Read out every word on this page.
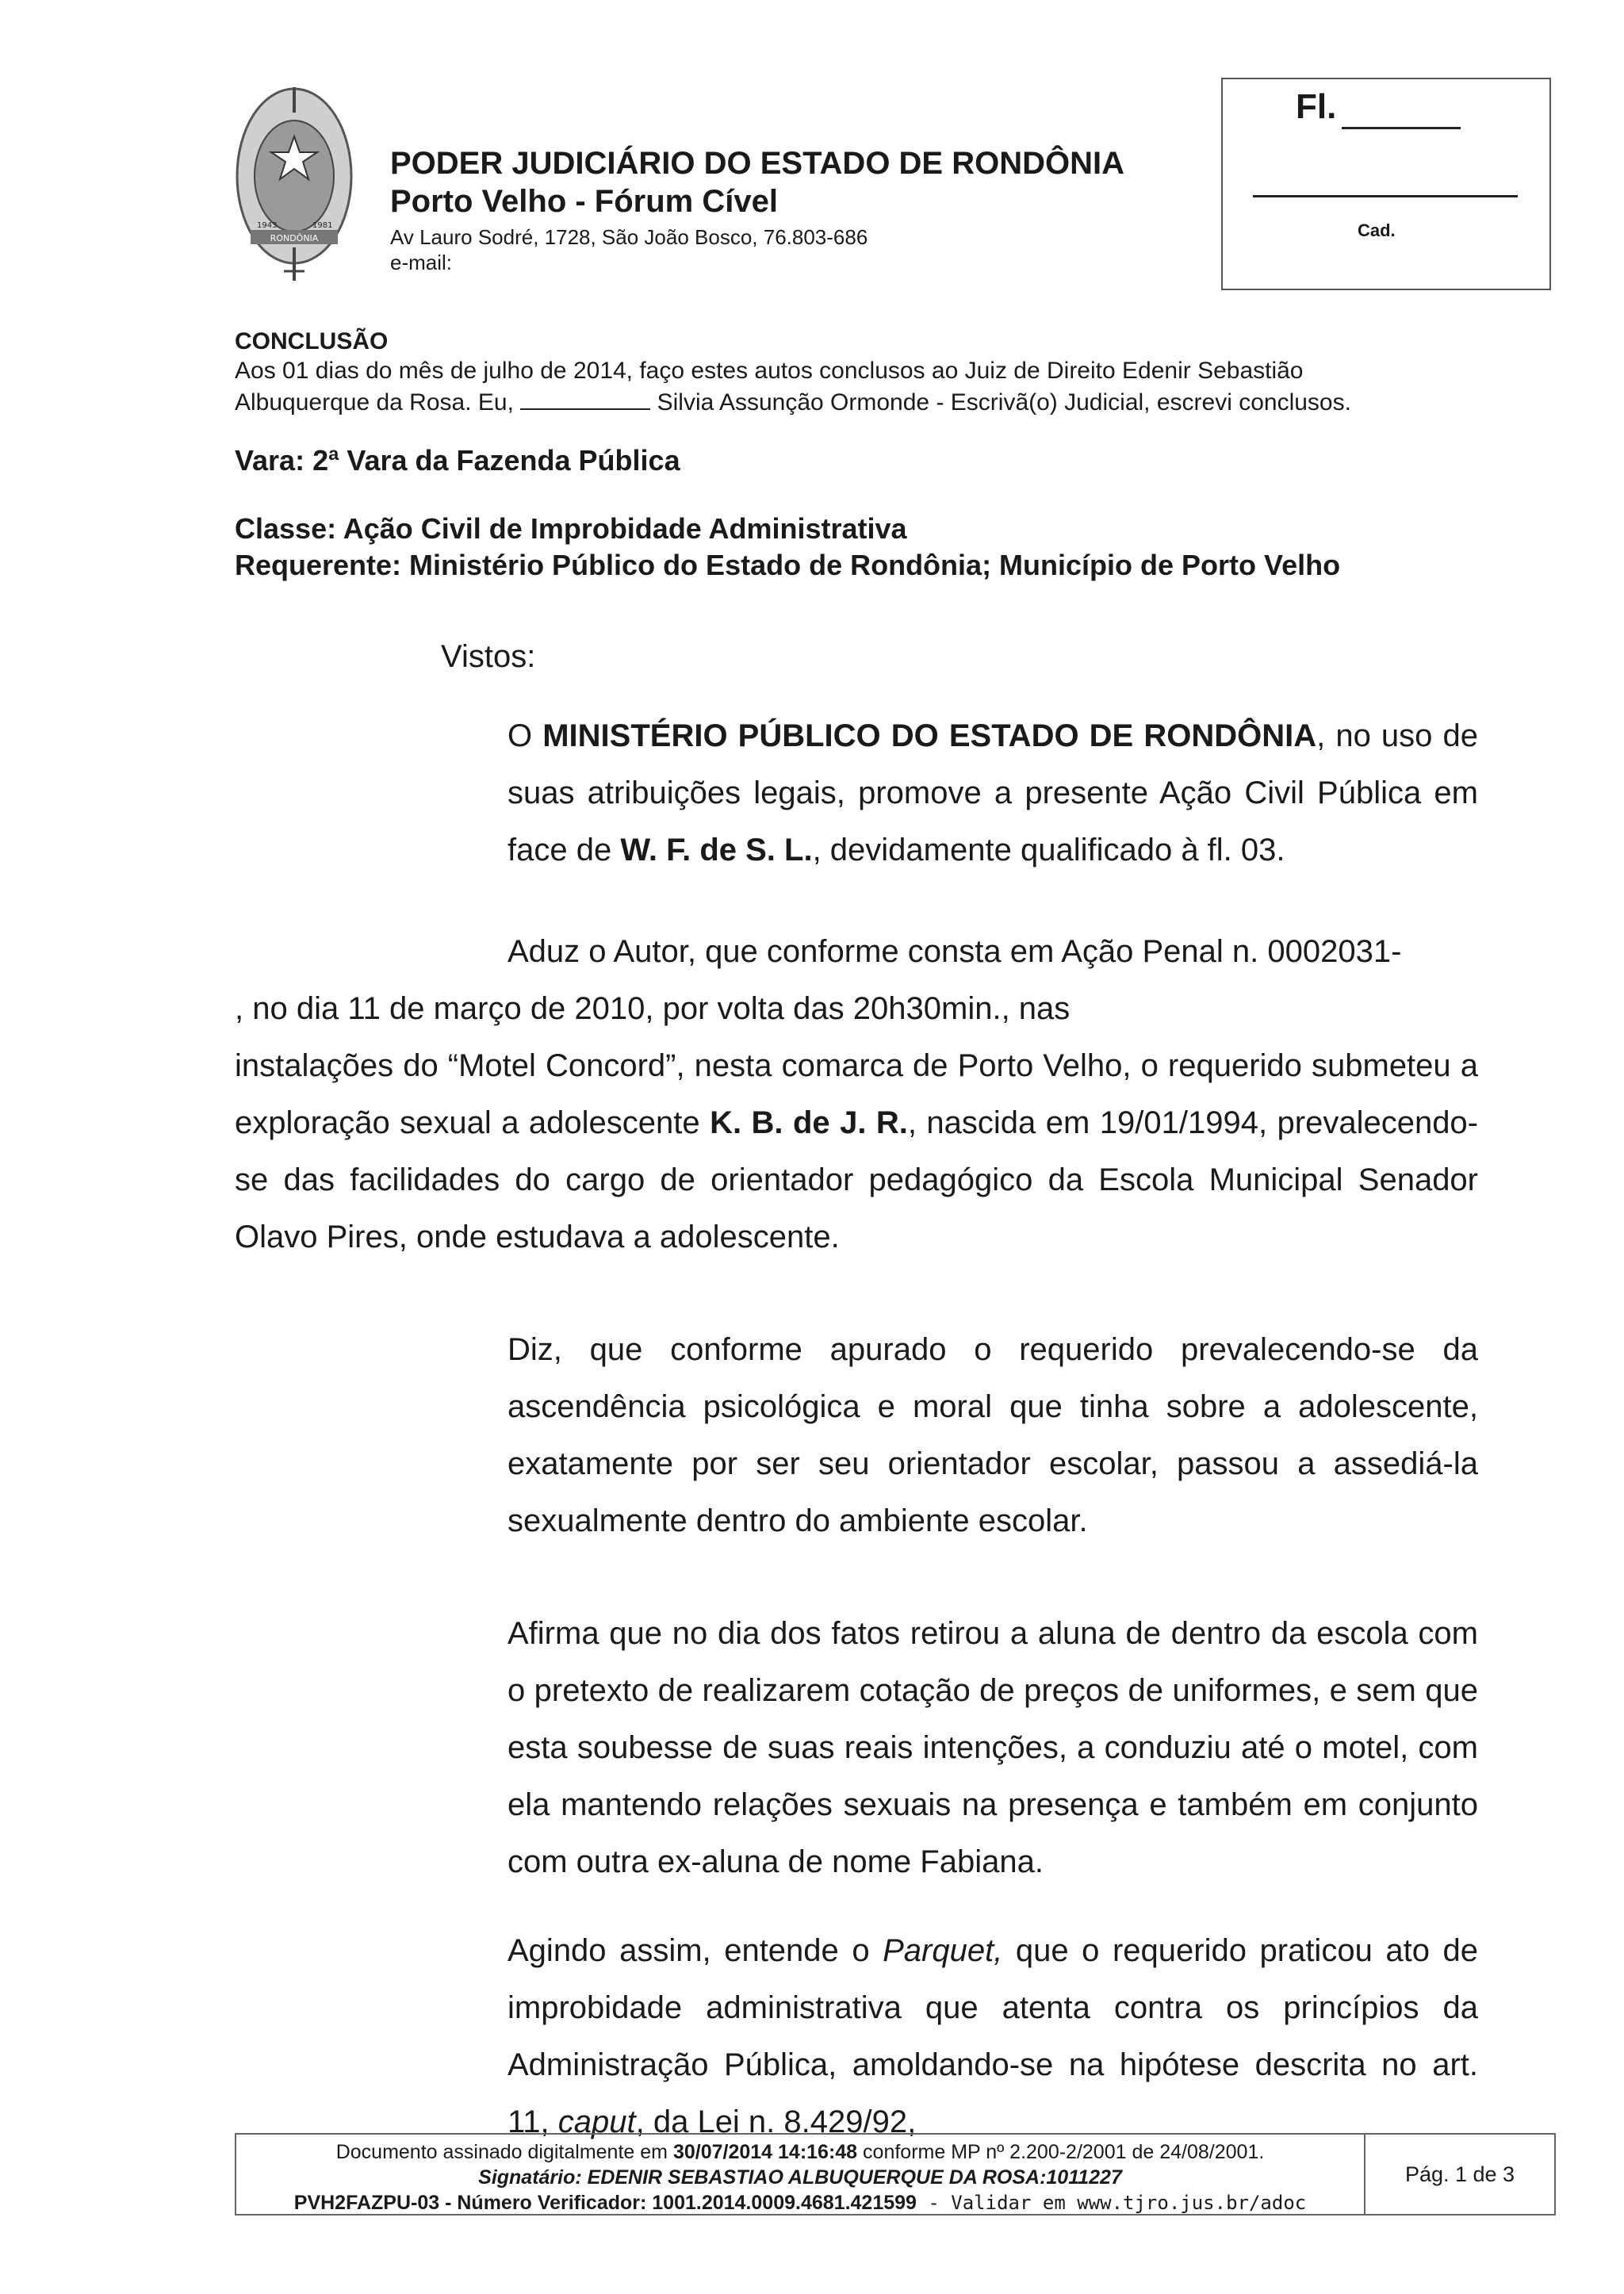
RONDÔNIA
1943	1981
PODER JUDICIÁRIO DO ESTADO DE RONDÔNIA
Porto Velho - Fórum Cível
Av Lauro Sodré, 1728, São João Bosco, 76.803-686
e-mail:
Fl.
Cad.
CONCLUSÃO
Aos 01 dias do mês de julho de 2014, faço estes autos conclusos ao Juiz de Direito Edenir Sebastião
Albuquerque da Rosa. Eu,	Silvia Assunção Ormonde - Escrivã(o) Judicial, escrevi conclusos.
Vara: 2ª Vara da Fazenda Pública
Classe: Ação Civil de Improbidade Administrativa
Requerente: Ministério Público do Estado de Rondônia; Município de Porto Velho
Vistos:

O MINISTÉRIO PÚBLICO DO ESTADO DE RONDÔNIA, no uso de suas atribuições legais, promove a presente Ação Civil Pública em face de W. F. de S. L., devidamente qualificado à fl. 03.

Aduz o Autor, que conforme consta em Ação Penal n. 0002031-

, no dia 11 de março de 2010, por volta das 20h30min., nas

instalações do “Motel Concord”, nesta comarca de Porto Velho, o requerido submeteu a exploração sexual a adolescente K. B. de J. R., nascida em 19/01/1994, prevalecendo-se das facilidades do cargo de orientador pedagógico da Escola Municipal Senador Olavo Pires, onde estudava a adolescente.

Diz, que conforme apurado o requerido prevalecendo-se da ascendência psicológica e moral que tinha sobre a adolescente, exatamente por ser seu orientador escolar, passou a assediá-la sexualmente dentro do ambiente escolar.

Afirma que no dia dos fatos retirou a aluna de dentro da escola com o pretexto de realizarem cotação de preços de uniformes, e sem que esta soubesse de suas reais intenções, a conduziu até o motel, com ela mantendo relações sexuais na presença e também em conjunto com outra ex-aluna de nome Fabiana.

Agindo assim, entende o Parquet, que o requerido praticou ato de improbidade administrativa que atenta contra os princípios da Administração Pública, amoldando-se na hipótese descrita no art. 11, caput, da Lei n. 8.429/92,

Documento assinado digitalmente em 30/07/2014 14:16:48 conforme MP nº 2.200-2/2001 de 24/08/2001.
Signatário: EDENIR SEBASTIAO ALBUQUERQUE DA ROSA:1011227
PVH2FAZPU-03 - Número Verificador: 1001.2014.0009.4681.421599 - Validar em www.tjro.jus.br/adoc
Pág. 1 de 3
